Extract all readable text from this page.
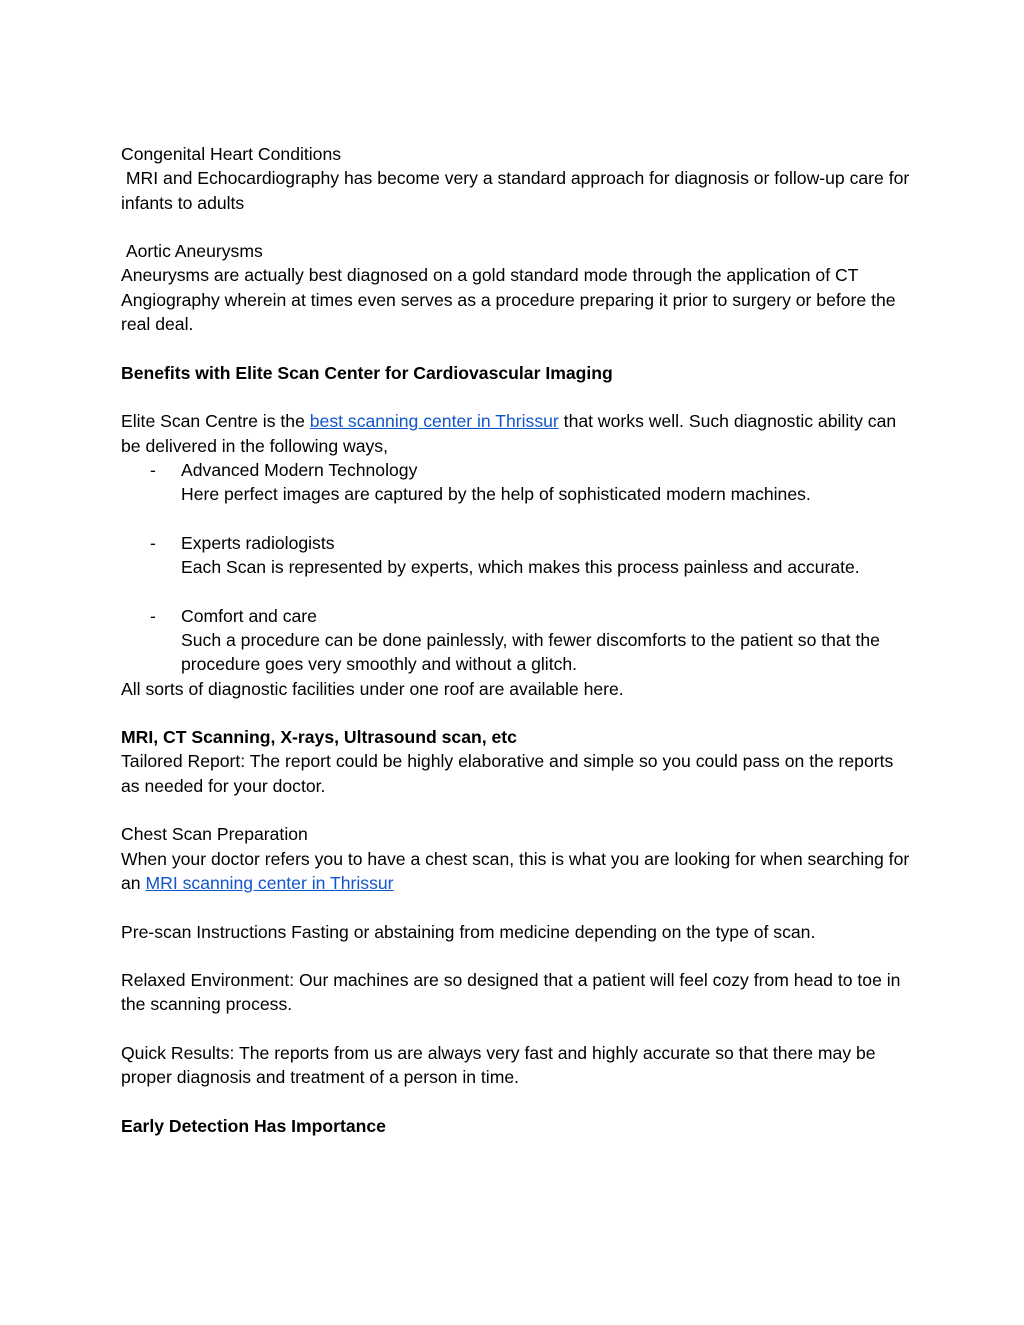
Congenital Heart Conditions

MRI and Echocardiography has become very a standard approach for diagnosis or follow-up care for infants to adults

Aortic Aneurysms

Aneurysms are actually best diagnosed on a gold standard mode through the application of CT Angiography wherein at times even serves as a procedure preparing it prior to surgery or before the real deal.

Benefits with Elite Scan Center for Cardiovascular Imaging

Elite Scan Centre is the best scanning center in Thrissur that works well. Such diagnostic ability can be delivered in the following ways,

- Advanced Modern Technology

Here perfect images are captured by the help of sophisticated modern machines.

- Experts radiologists

Each Scan is represented by experts, which makes this process painless and accurate.

- Comfort and care

Such a procedure can be done painlessly, with fewer discomforts to the patient so that the procedure goes very smoothly and without a glitch.

All sorts of diagnostic facilities under one roof are available here.

MRI, CT Scanning, X-rays, Ultrasound scan, etc

Tailored Report: The report could be highly elaborative and simple so you could pass on the reports as needed for your doctor.

Chest Scan Preparation

When your doctor refers you to have a chest scan, this is what you are looking for when searching for an MRI scanning center in Thrissur

Pre-scan Instructions Fasting or abstaining from medicine depending on the type of scan.

Relaxed Environment: Our machines are so designed that a patient will feel cozy from head to toe in the scanning process.

Quick Results: The reports from us are always very fast and highly accurate so that there may be proper diagnosis and treatment of a person in time.

Early Detection Has Importance
